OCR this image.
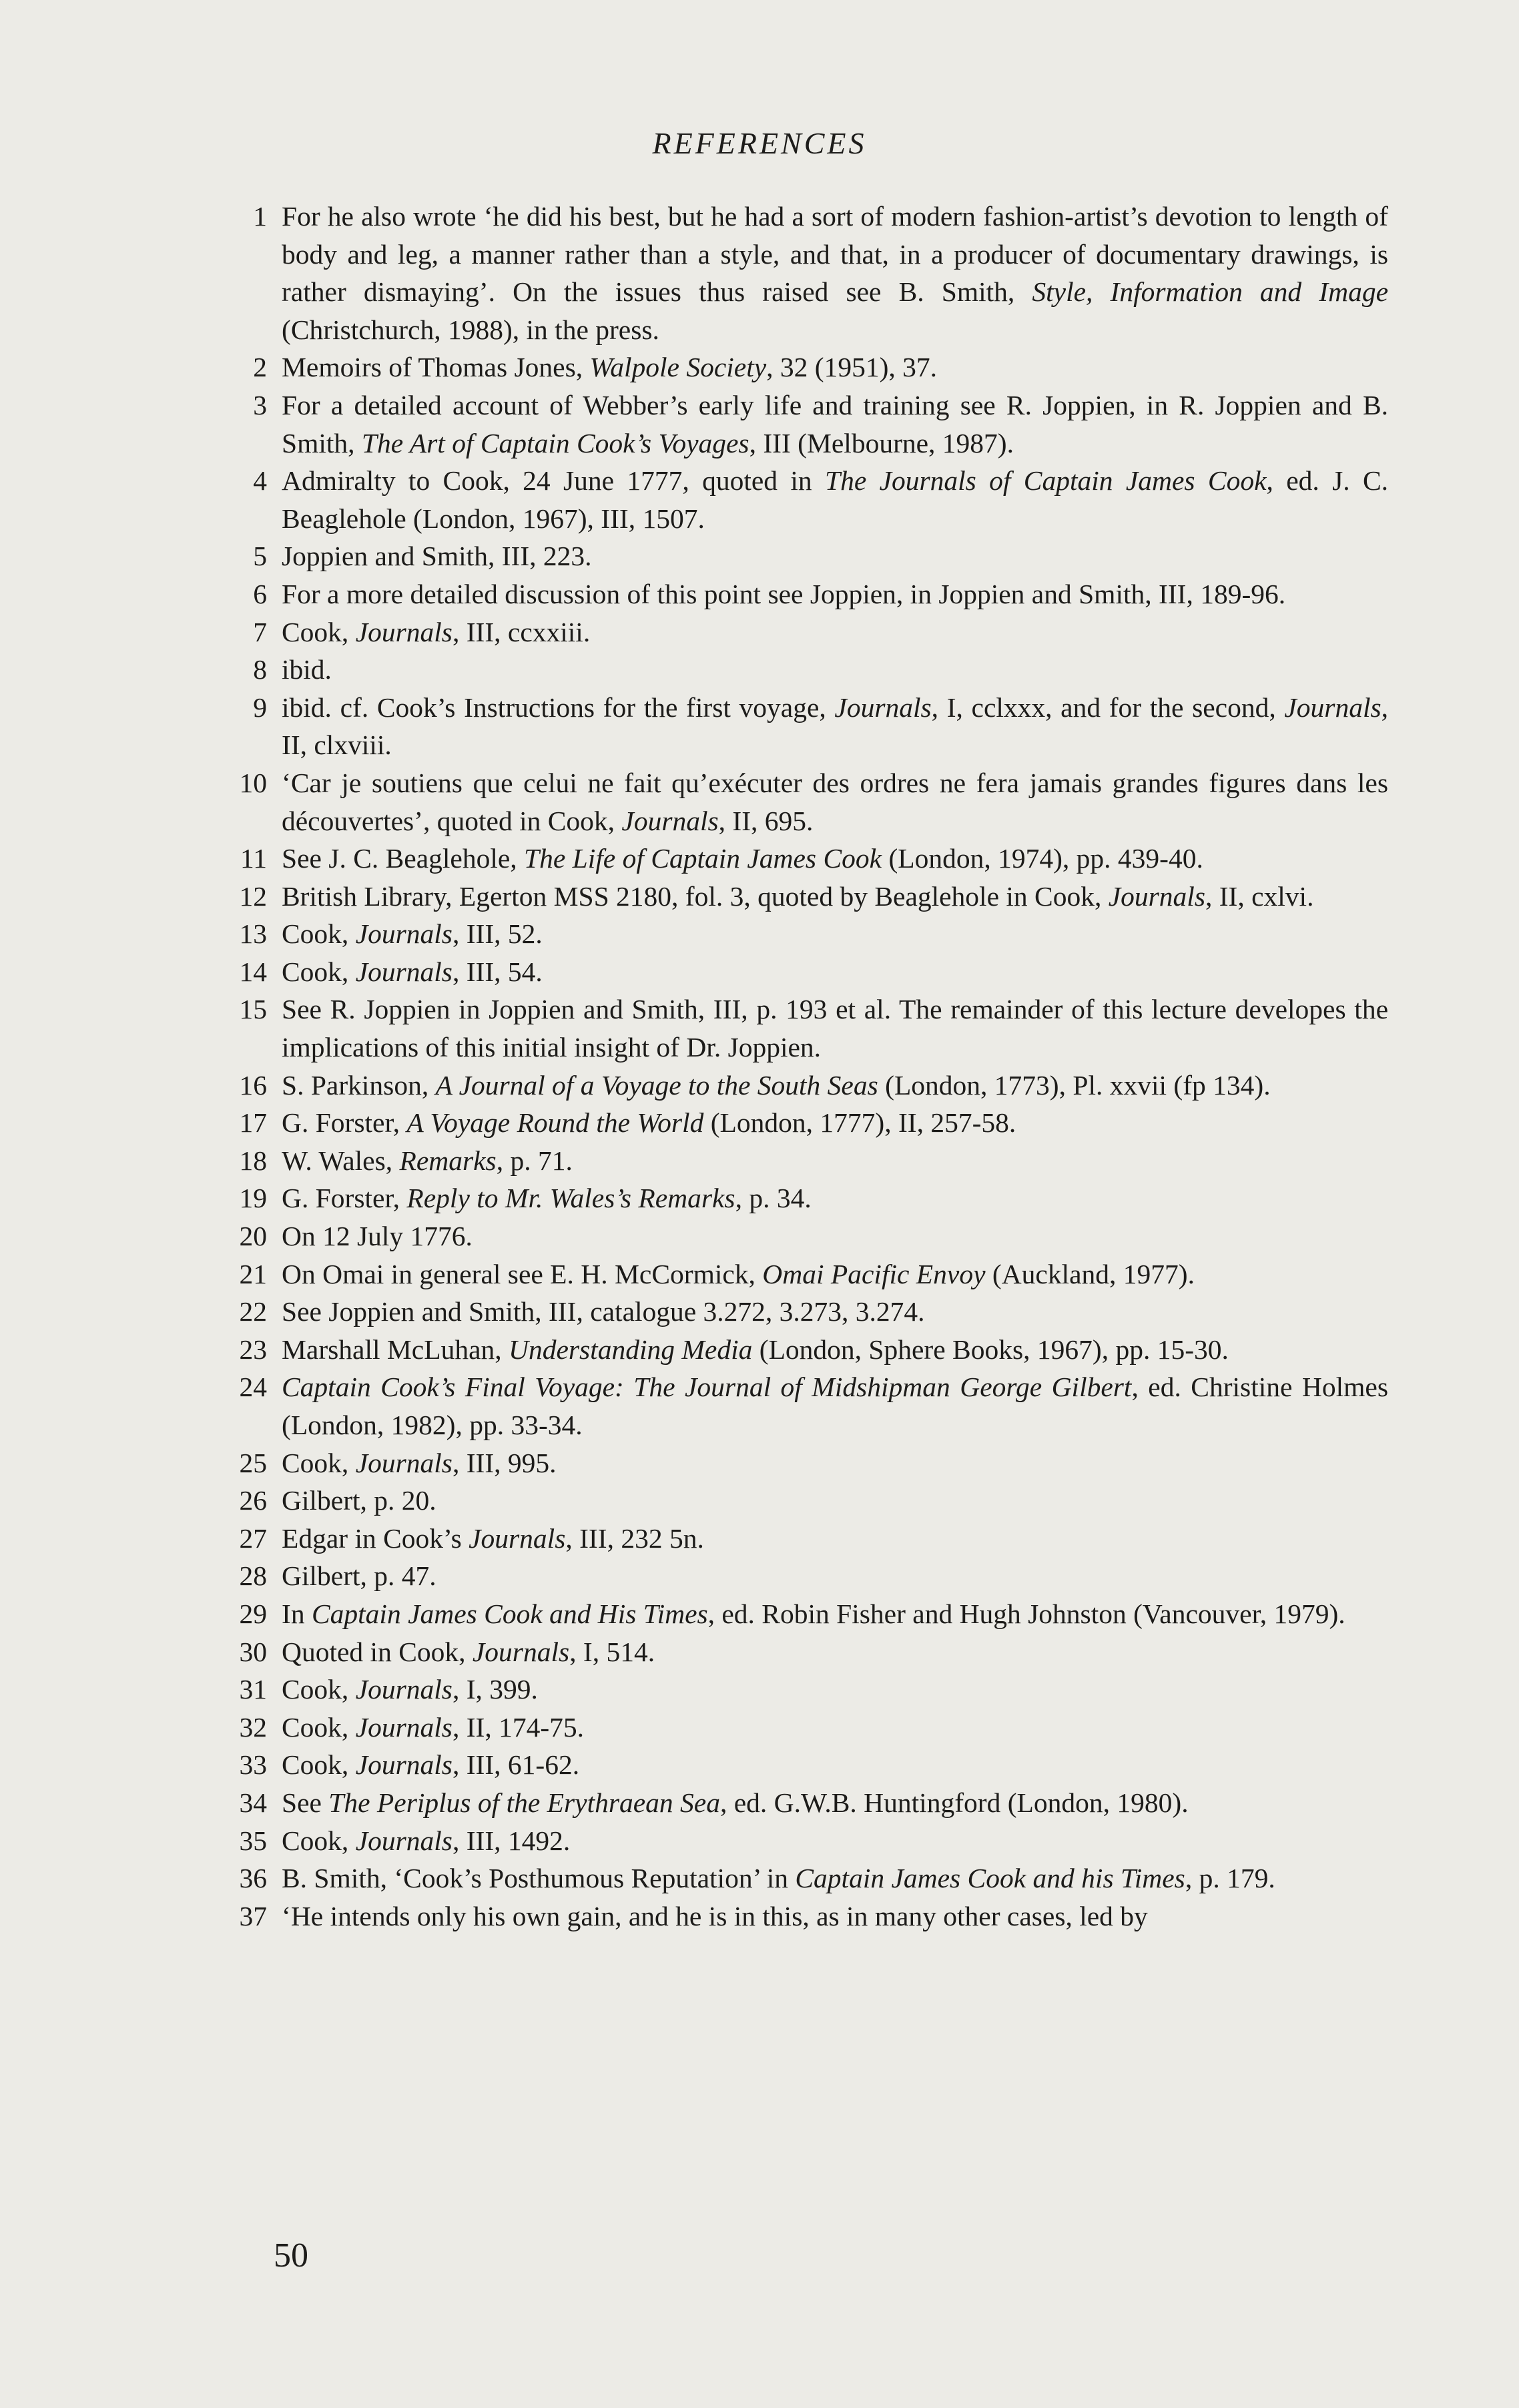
REFERENCES
1 For he also wrote ‘he did his best, but he had a sort of modern fashion-artist’s devotion to length of body and leg, a manner rather than a style, and that, in a producer of documentary drawings, is rather dismaying’. On the issues thus raised see B. Smith, Style, Information and Image (Christchurch, 1988), in the press.
2 Memoirs of Thomas Jones, Walpole Society, 32 (1951), 37.
3 For a detailed account of Webber’s early life and training see R. Joppien, in R. Joppien and B. Smith, The Art of Captain Cook’s Voyages, III (Melbourne, 1987).
4 Admiralty to Cook, 24 June 1777, quoted in The Journals of Captain James Cook, ed. J. C. Beaglehole (London, 1967), III, 1507.
5 Joppien and Smith, III, 223.
6 For a more detailed discussion of this point see Joppien, in Joppien and Smith, III, 189-96.
7 Cook, Journals, III, ccxxiii.
8 ibid.
9 ibid. cf. Cook’s Instructions for the first voyage, Journals, I, cclxxx, and for the second, Journals, II, clxviii.
10 ‘Car je soutiens que celui ne fait qu’exécuter des ordres ne fera jamais grandes figures dans les découvertes’, quoted in Cook, Journals, II, 695.
11 See J. C. Beaglehole, The Life of Captain James Cook (London, 1974), pp. 439-40.
12 British Library, Egerton MSS 2180, fol. 3, quoted by Beaglehole in Cook, Journals, II, cxlvi.
13 Cook, Journals, III, 52.
14 Cook, Journals, III, 54.
15 See R. Joppien in Joppien and Smith, III, p. 193 et al. The remainder of this lecture developes the implications of this initial insight of Dr. Joppien.
16 S. Parkinson, A Journal of a Voyage to the South Seas (London, 1773), Pl. xxvii (fp 134).
17 G. Forster, A Voyage Round the World (London, 1777), II, 257-58.
18 W. Wales, Remarks, p. 71.
19 G. Forster, Reply to Mr. Wales’s Remarks, p. 34.
20 On 12 July 1776.
21 On Omai in general see E. H. McCormick, Omai Pacific Envoy (Auckland, 1977).
22 See Joppien and Smith, III, catalogue 3.272, 3.273, 3.274.
23 Marshall McLuhan, Understanding Media (London, Sphere Books, 1967), pp. 15-30.
24 Captain Cook’s Final Voyage: The Journal of Midshipman George Gilbert, ed. Christine Holmes (London, 1982), pp. 33-34.
25 Cook, Journals, III, 995.
26 Gilbert, p. 20.
27 Edgar in Cook’s Journals, III, 232 5n.
28 Gilbert, p. 47.
29 In Captain James Cook and His Times, ed. Robin Fisher and Hugh Johnston (Vancouver, 1979).
30 Quoted in Cook, Journals, I, 514.
31 Cook, Journals, I, 399.
32 Cook, Journals, II, 174-75.
33 Cook, Journals, III, 61-62.
34 See The Periplus of the Erythraean Sea, ed. G.W.B. Huntingford (London, 1980).
35 Cook, Journals, III, 1492.
36 B. Smith, ‘Cook’s Posthumous Reputation’ in Captain James Cook and his Times, p. 179.
37 ‘He intends only his own gain, and he is in this, as in many other cases, led by
50
